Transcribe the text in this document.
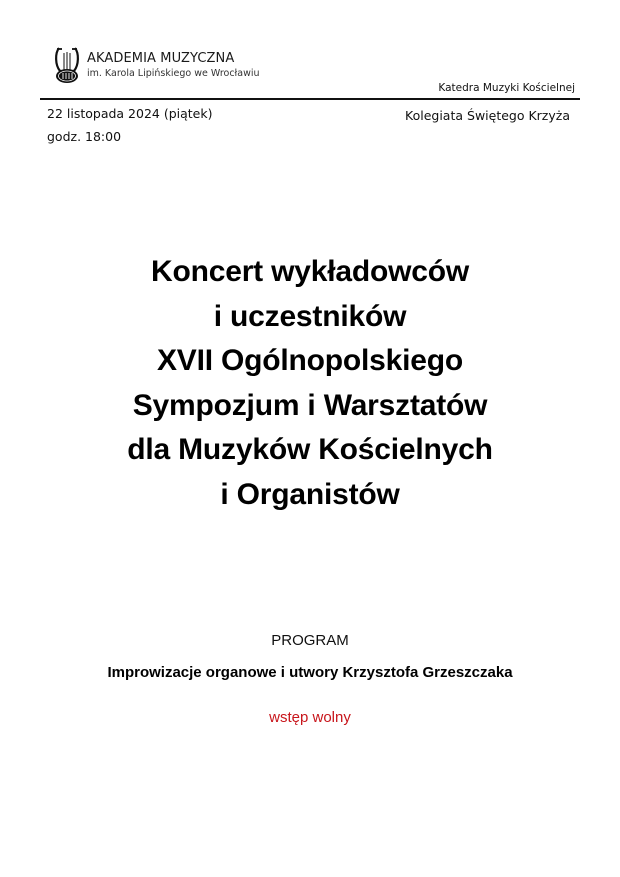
AKADEMIA MUZYCZNA
im. Karola Lipińskiego we Wrocławiu
Katedra Muzyki Kościelnej
22 listopada 2024 (piątek)
godz. 18:00
Kolegiata Świętego Krzyża
Koncert wykładowców
i uczestników
XVII Ogólnopolskiego
Sympozjum i Warsztatów
dla Muzyków Kościelnych
i Organistów
PROGRAM
Improwizacje organowe i utwory Krzysztofa Grzeszczaka
wstęp wolny
